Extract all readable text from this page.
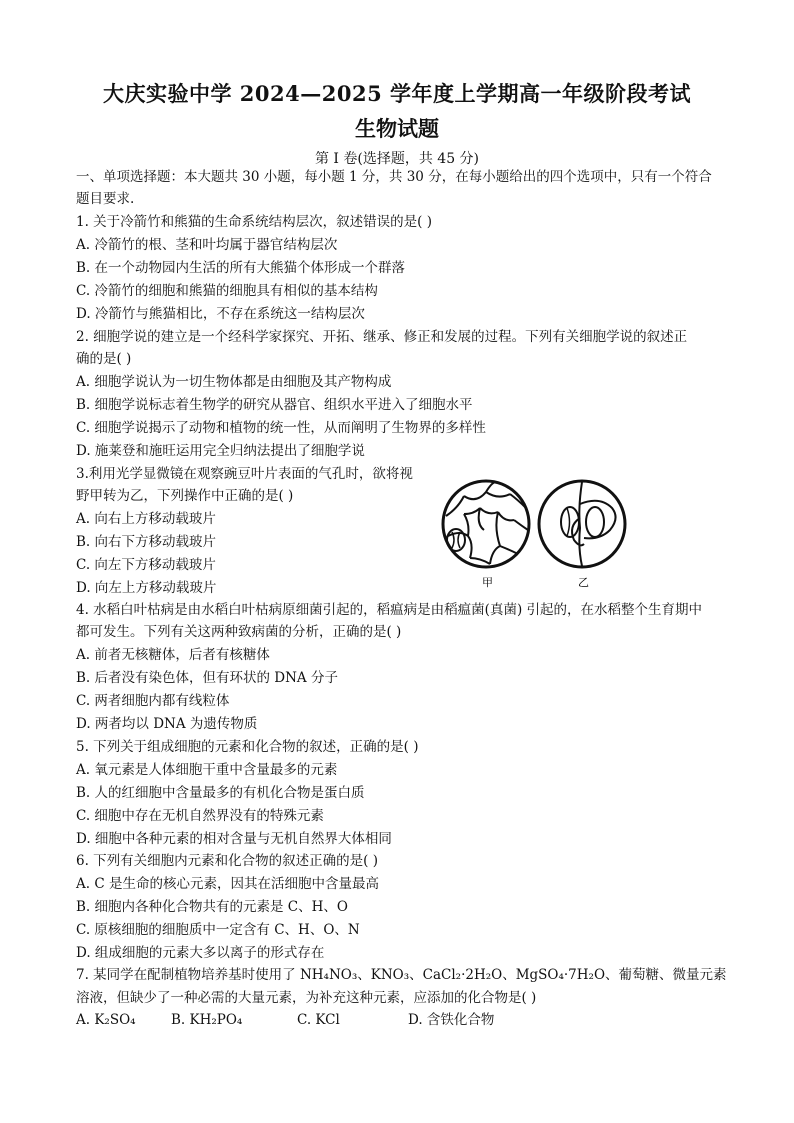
大庆实验中学 2024—2025 学年度上学期高一年级阶段考试
生物试题
第 I 卷(选择题，共 45 分)
一、单项选择题：本大题共 30 小题，每小题 1 分，共 30 分，在每小题给出的四个选项中，只有一个符合
题目要求.
1. 关于冷箭竹和熊猫的生命系统结构层次，叙述错误的是( )
A. 冷箭竹的根、茎和叶均属于器官结构层次
B. 在一个动物园内生活的所有大熊猫个体形成一个群落
C. 冷箭竹的细胞和熊猫的细胞具有相似的基本结构
D. 冷箭竹与熊猫相比，不存在系统这一结构层次
2. 细胞学说的建立是一个经科学家探究、开拓、继承、修正和发展的过程。下列有关细胞学说的叙述正
确的是( )
A. 细胞学说认为一切生物体都是由细胞及其产物构成
B. 细胞学说标志着生物学的研究从器官、组织水平进入了细胞水平
C. 细胞学说揭示了动物和植物的统一性，从而阐明了生物界的多样性
D. 施莱登和施旺运用完全归纳法提出了细胞学说
3.利用光学显微镜在观察豌豆叶片表面的气孔时，欲将视
野甲转为乙，下列操作中正确的是( )
A. 向右上方移动载玻片
B. 向右下方移动载玻片
C. 向左下方移动载玻片
D. 向左上方移动载玻片	甲	乙
4. 水稻白叶枯病是由水稻白叶枯病原细菌引起的，稻瘟病是由稻瘟菌(真菌) 引起的，在水稻整个生育期中
都可发生。下列有关这两种致病菌的分析，正确的是( )
A. 前者无核糖体，后者有核糖体
B. 后者没有染色体，但有环状的 DNA 分子
C. 两者细胞内都有线粒体
D. 两者均以 DNA 为遗传物质
5. 下列关于组成细胞的元素和化合物的叙述，正确的是( )
A. 氧元素是人体细胞干重中含量最多的元素
B. 人的红细胞中含量最多的有机化合物是蛋白质
C. 细胞中存在无机自然界没有的特殊元素
D. 细胞中各种元素的相对含量与无机自然界大体相同
6. 下列有关细胞内元素和化合物的叙述正确的是( )
A. C 是生命的核心元素，因其在活细胞中含量最高
B. 细胞内各种化合物共有的元素是 C、H、O
C. 原核细胞的细胞质中一定含有 C、H、O、N
D. 组成细胞的元素大多以离子的形式存在
7. 某同学在配制植物培养基时使用了 NH₄NO₃、KNO₃、CaCl₂·2H₂O、MgSO₄·7H₂O、葡萄糖、微量元素
溶液，但缺少了一种必需的大量元素，为补充这种元素，应添加的化合物是( )
A. K₂SO₄	B. KH₂PO₄	C. KCl	D. 含铁化合物
